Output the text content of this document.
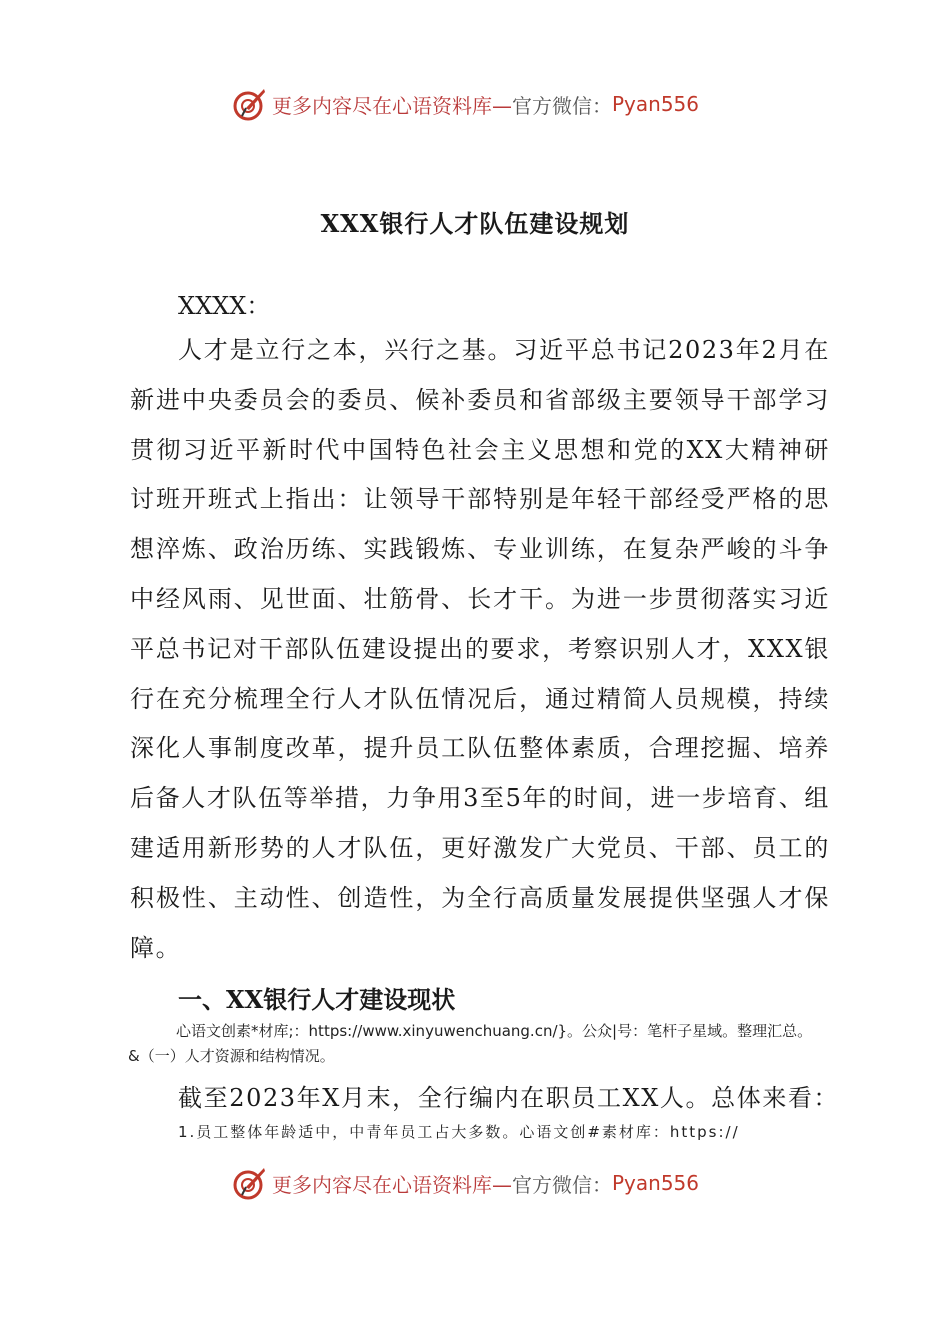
更多内容尽在心语资料库— 官方微信： Pyan556
XXX银行人才队伍建设规划
XXXX：
人才是立行之本，兴行之基。习近平总书记2023年2月在新进中央委员会的委员、候补委员和省部级主要领导干部学习贯彻习近平新时代中国特色社会主义思想和党的XX大精神研讨班开班式上指出：让领导干部特别是年轻干部经受严格的思想淬炼、政治历练、实践锻炼、专业训练，在复杂严峻的斗争中经风雨、见世面、壮筋骨、长才干。为进一步贯彻落实习近平总书记对干部队伍建设提出的要求，考察识别人才，XXX银行在充分梳理全行人才队伍情况后，通过精简人员规模，持续深化人事制度改革，提升员工队伍整体素质，合理挖掘、培养后备人才队伍等举措，力争用3至5年的时间，进一步培育、组建适用新形势的人才队伍，更好激发广大党员、干部、员工的积极性、主动性、创造性，为全行高质量发展提供坚强人才保障。
一、XX银行人才建设现状
心语文创素*材库;：https://www.xinyuwenchuang.cn/}。公众|号：笔杆子星域。整理汇总。
&（一）人才资源和结构情况。
截至2023年X月末，全行编内在职员工XX人。总体来看：
1.员工整体年龄适中，中青年员工占大多数。心语文创#素材库：https://
更多内容尽在心语资料库— 官方微信： Pyan556
